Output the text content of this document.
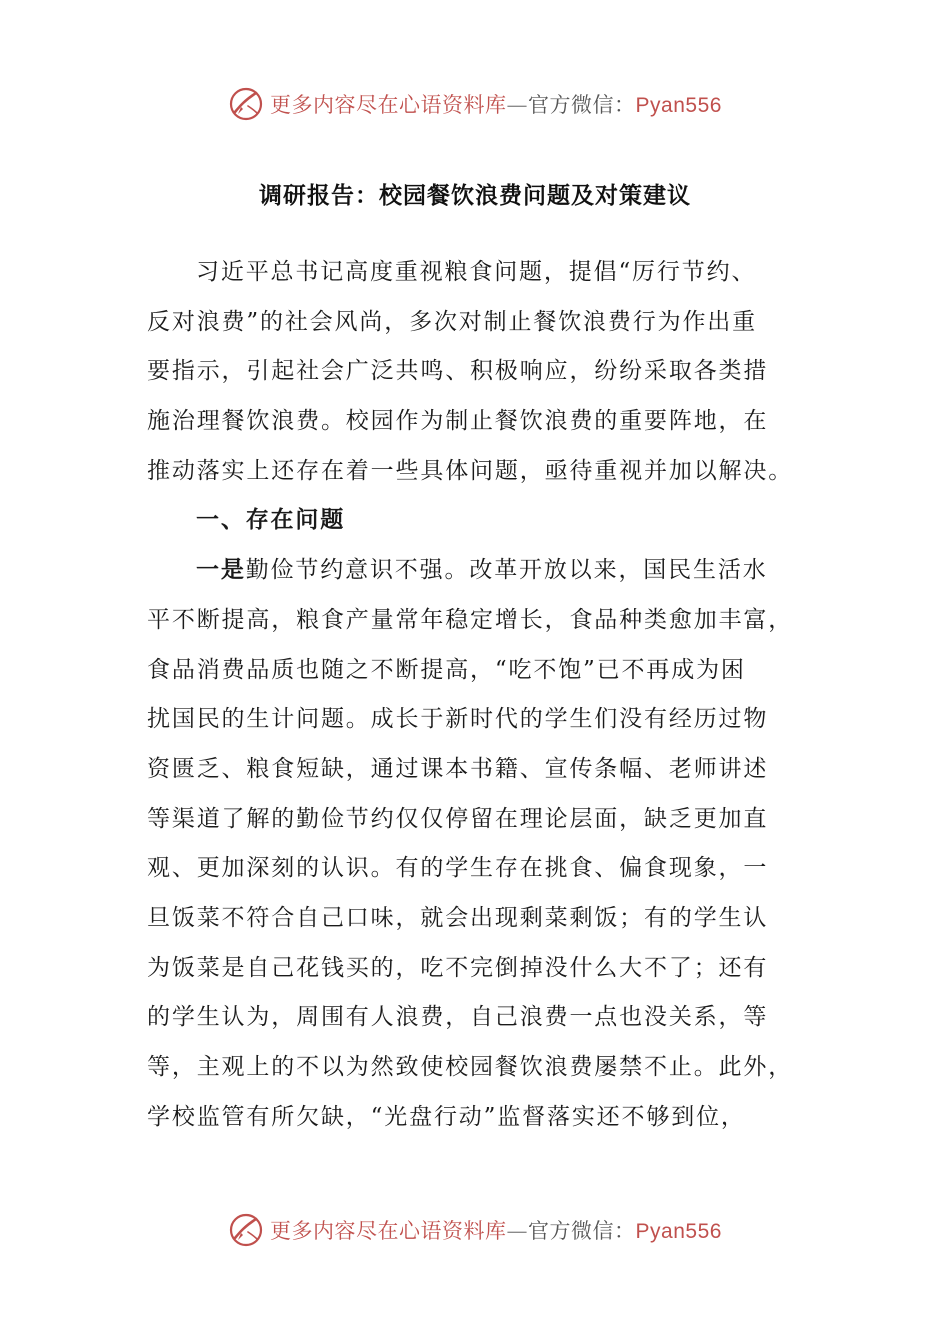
更多内容尽在心语资料库—官方微信：Pyan556
调研报告：校园餐饮浪费问题及对策建议
习近平总书记高度重视粮食问题，提倡“厉行节约、
反对浪费”的社会风尚，多次对制止餐饮浪费行为作出重
要指示，引起社会广泛共鸣、积极响应，纷纷采取各类措
施治理餐饮浪费。校园作为制止餐饮浪费的重要阵地，在
推动落实上还存在着一些具体问题，亟待重视并加以解决。
一、存在问题
一是勤俭节约意识不强。改革开放以来，国民生活水
平不断提高，粮食产量常年稳定增长，食品种类愈加丰富，
食品消费品质也随之不断提高，“吃不饱”已不再成为困
扰国民的生计问题。成长于新时代的学生们没有经历过物
资匮乏、粮食短缺，通过课本书籍、宣传条幅、老师讲述
等渠道了解的勤俭节约仅仅停留在理论层面，缺乏更加直
观、更加深刻的认识。有的学生存在挑食、偏食现象，一
旦饭菜不符合自己口味，就会出现剩菜剩饭；有的学生认
为饭菜是自己花钱买的，吃不完倒掉没什么大不了；还有
的学生认为，周围有人浪费，自己浪费一点也没关系，等
等，主观上的不以为然致使校园餐饮浪费屡禁不止。此外，
学校监管有所欠缺，“光盘行动”监督落实还不够到位，
更多内容尽在心语资料库—官方微信：Pyan556
